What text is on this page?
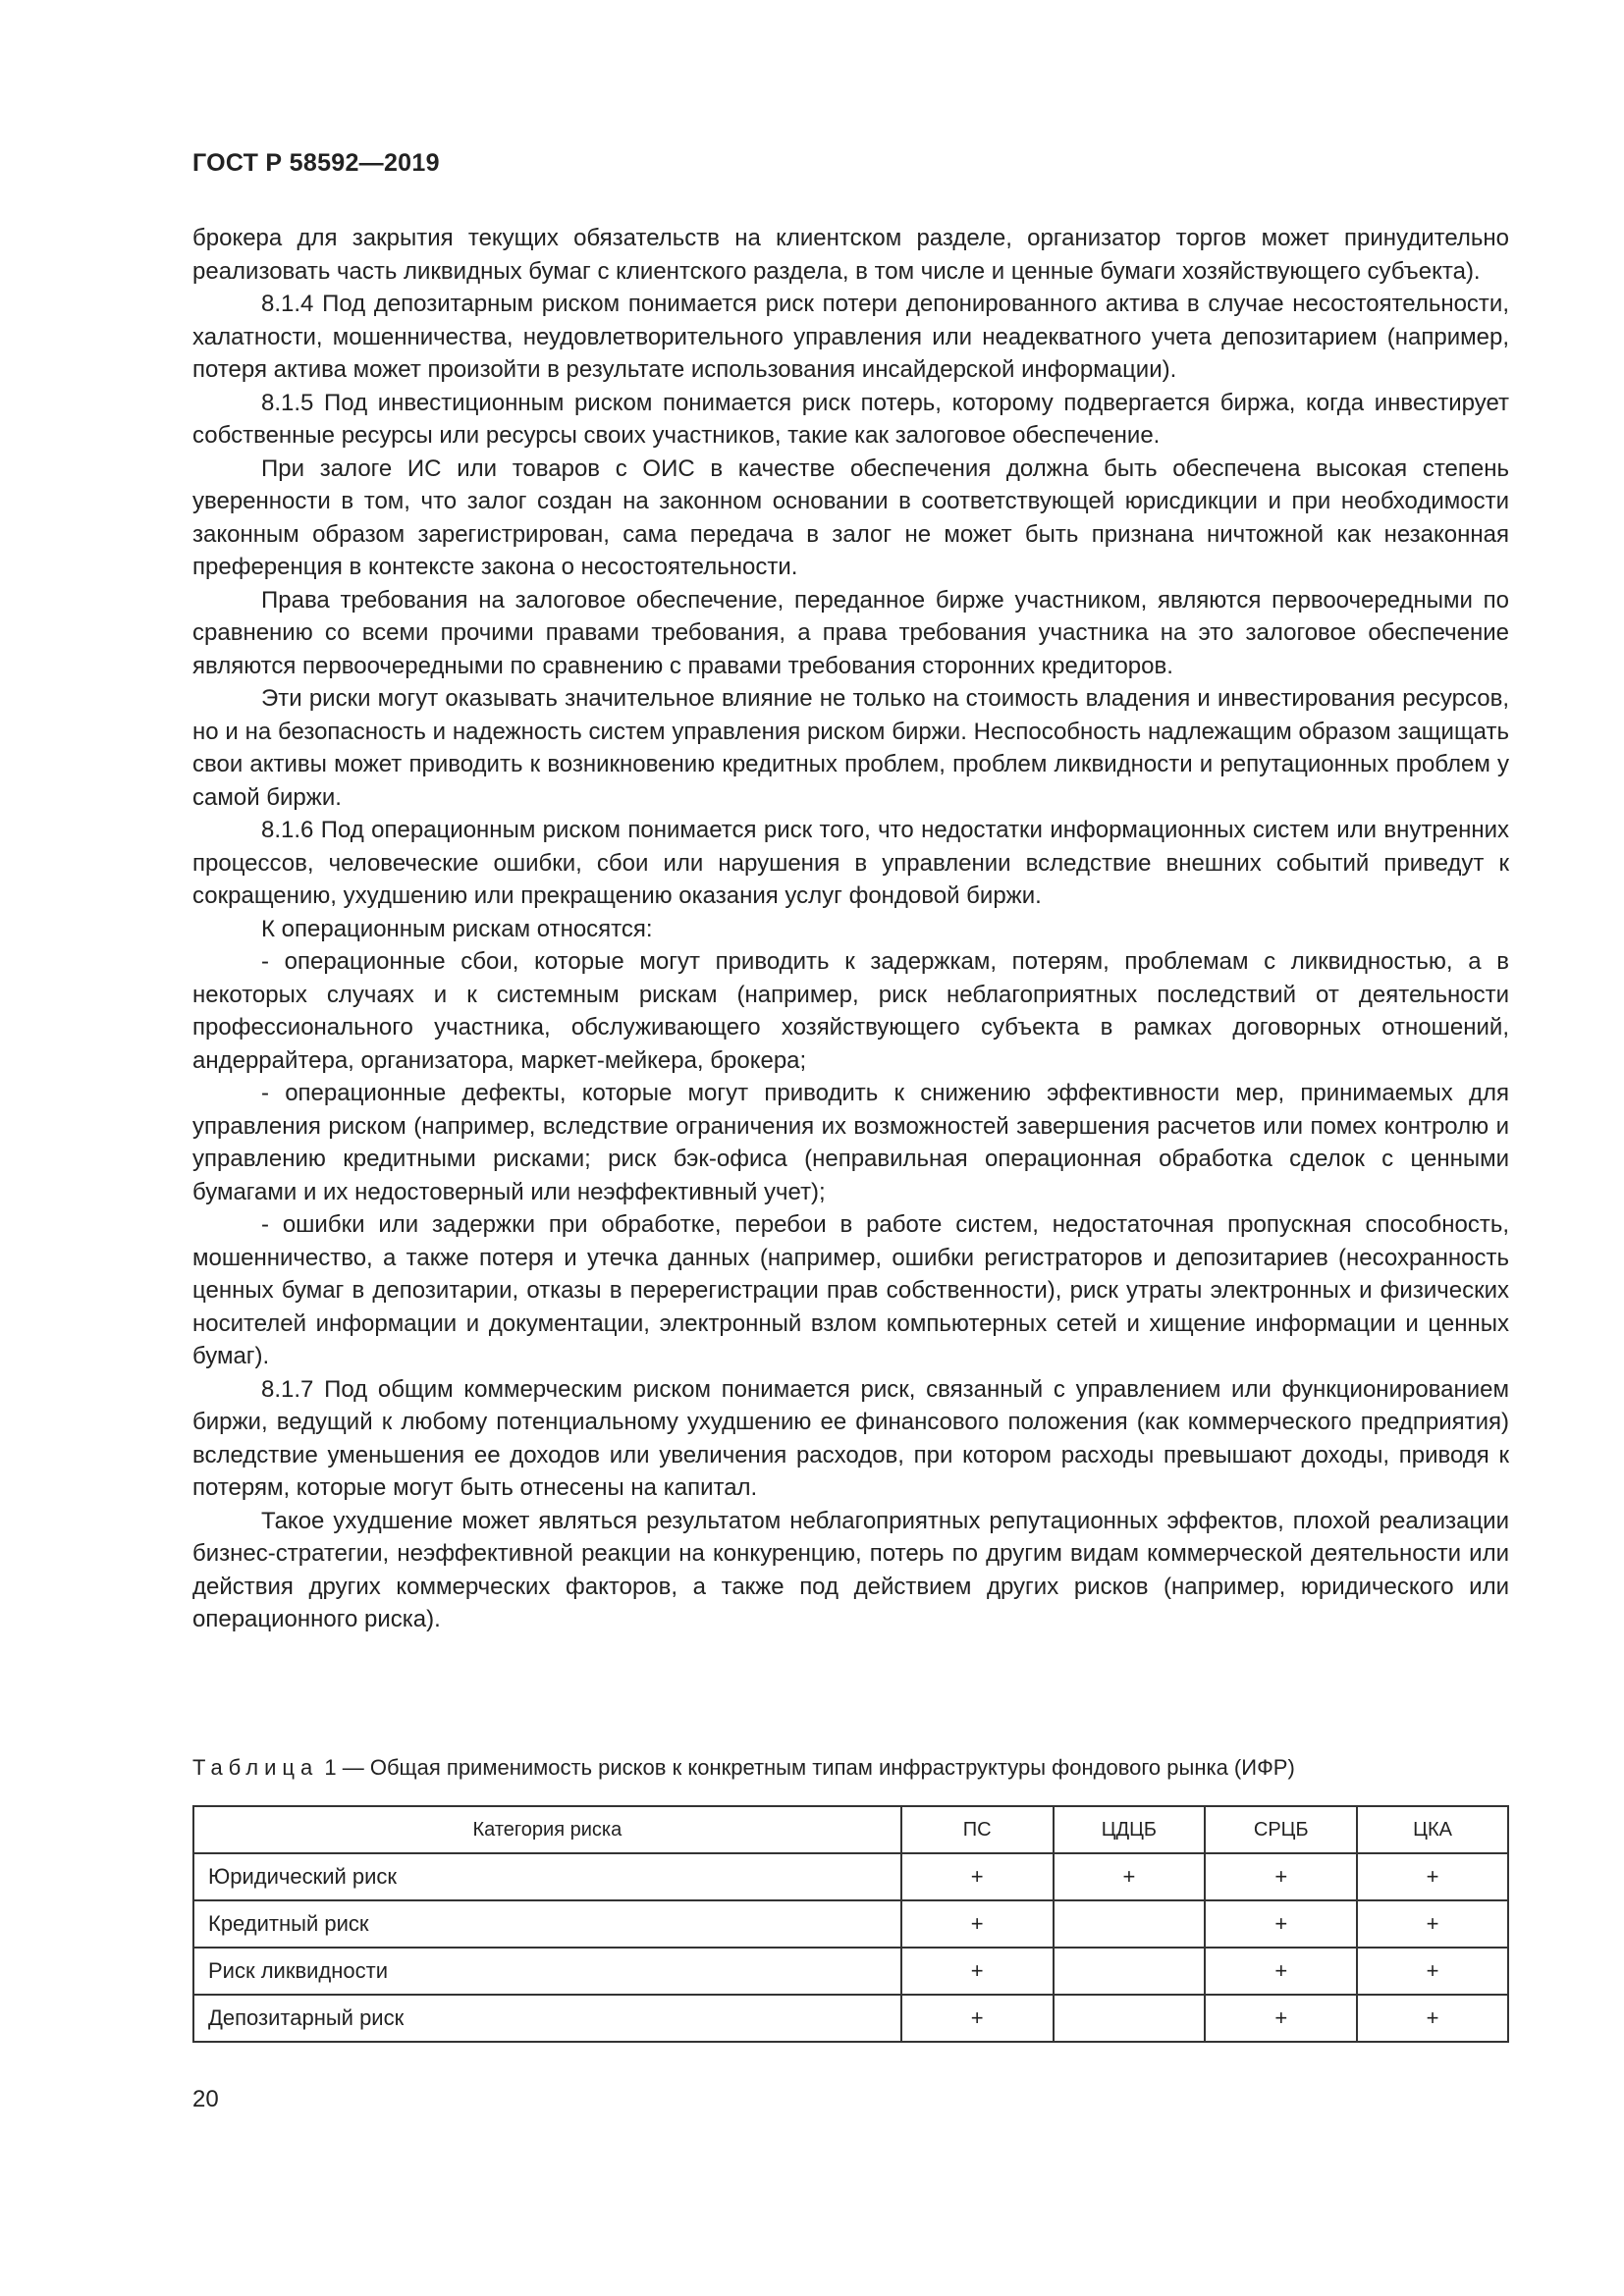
ГОСТ Р 58592—2019

брокера для закрытия текущих обязательств на клиентском разделе, организатор торгов может принудительно реализовать часть ликвидных бумаг с клиентского раздела, в том числе и ценные бумаги хозяйствующего субъекта).

8.1.4 Под депозитарным риском понимается риск потери депонированного актива в случае несостоятельности, халатности, мошенничества, неудовлетворительного управления или неадекватного учета депозитарием (например, потеря актива может произойти в результате использования инсайдерской информации).

8.1.5 Под инвестиционным риском понимается риск потерь, которому подвергается биржа, когда инвестирует собственные ресурсы или ресурсы своих участников, такие как залоговое обеспечение.

При залоге ИС или товаров с ОИС в качестве обеспечения должна быть обеспечена высокая степень уверенности в том, что залог создан на законном основании в соответствующей юрисдикции и при необходимости законным образом зарегистрирован, сама передача в залог не может быть признана ничтожной как незаконная преференция в контексте закона о несостоятельности.

Права требования на залоговое обеспечение, переданное бирже участником, являются первоочередными по сравнению со всеми прочими правами требования, а права требования участника на это залоговое обеспечение являются первоочередными по сравнению с правами требования сторонних кредиторов.

Эти риски могут оказывать значительное влияние не только на стоимость владения и инвестирования ресурсов, но и на безопасность и надежность систем управления риском биржи. Неспособность надлежащим образом защищать свои активы может приводить к возникновению кредитных проблем, проблем ликвидности и репутационных проблем у самой биржи.

8.1.6 Под операционным риском понимается риск того, что недостатки информационных систем или внутренних процессов, человеческие ошибки, сбои или нарушения в управлении вследствие внешних событий приведут к сокращению, ухудшению или прекращению оказания услуг фондовой биржи.

К операционным рискам относятся:

- операционные сбои, которые могут приводить к задержкам, потерям, проблемам с ликвидностью, а в некоторых случаях и к системным рискам (например, риск неблагоприятных последствий от деятельности профессионального участника, обслуживающего хозяйствующего субъекта в рамках договорных отношений, андеррайтера, организатора, маркет-мейкера, брокера;

- операционные дефекты, которые могут приводить к снижению эффективности мер, принимаемых для управления риском (например, вследствие ограничения их возможностей завершения расчетов или помех контролю и управлению кредитными рисками; риск бэк-офиса (неправильная операционная обработка сделок с ценными бумагами и их недостоверный или неэффективный учет);

- ошибки или задержки при обработке, перебои в работе систем, недостаточная пропускная способность, мошенничество, а также потеря и утечка данных (например, ошибки регистраторов и депозитариев (несохранность ценных бумаг в депозитарии, отказы в перерегистрации прав собственности), риск утраты электронных и физических носителей информации и документации, электронный взлом компьютерных сетей и хищение информации и ценных бумаг).

8.1.7 Под общим коммерческим риском понимается риск, связанный с управлением или функционированием биржи, ведущий к любому потенциальному ухудшению ее финансового положения (как коммерческого предприятия) вследствие уменьшения ее доходов или увеличения расходов, при котором расходы превышают доходы, приводя к потерям, которые могут быть отнесены на капитал.

Такое ухудшение может являться результатом неблагоприятных репутационных эффектов, плохой реализации бизнес-стратегии, неэффективной реакции на конкуренцию, потерь по другим видам коммерческой деятельности или действия других коммерческих факторов, а также под действием других рисков (например, юридического или операционного риска).

Таблица 1 — Общая применимость рисков к конкретным типам инфраструктуры фондового рынка (ИФР)
Категория риска	ПС	ЦДЦБ	СРЦБ	ЦКА
Юридический риск	+	+	+	+
Кредитный риск	+		+	+
Риск ликвидности	+		+	+
Депозитарный риск	+		+	+
20
